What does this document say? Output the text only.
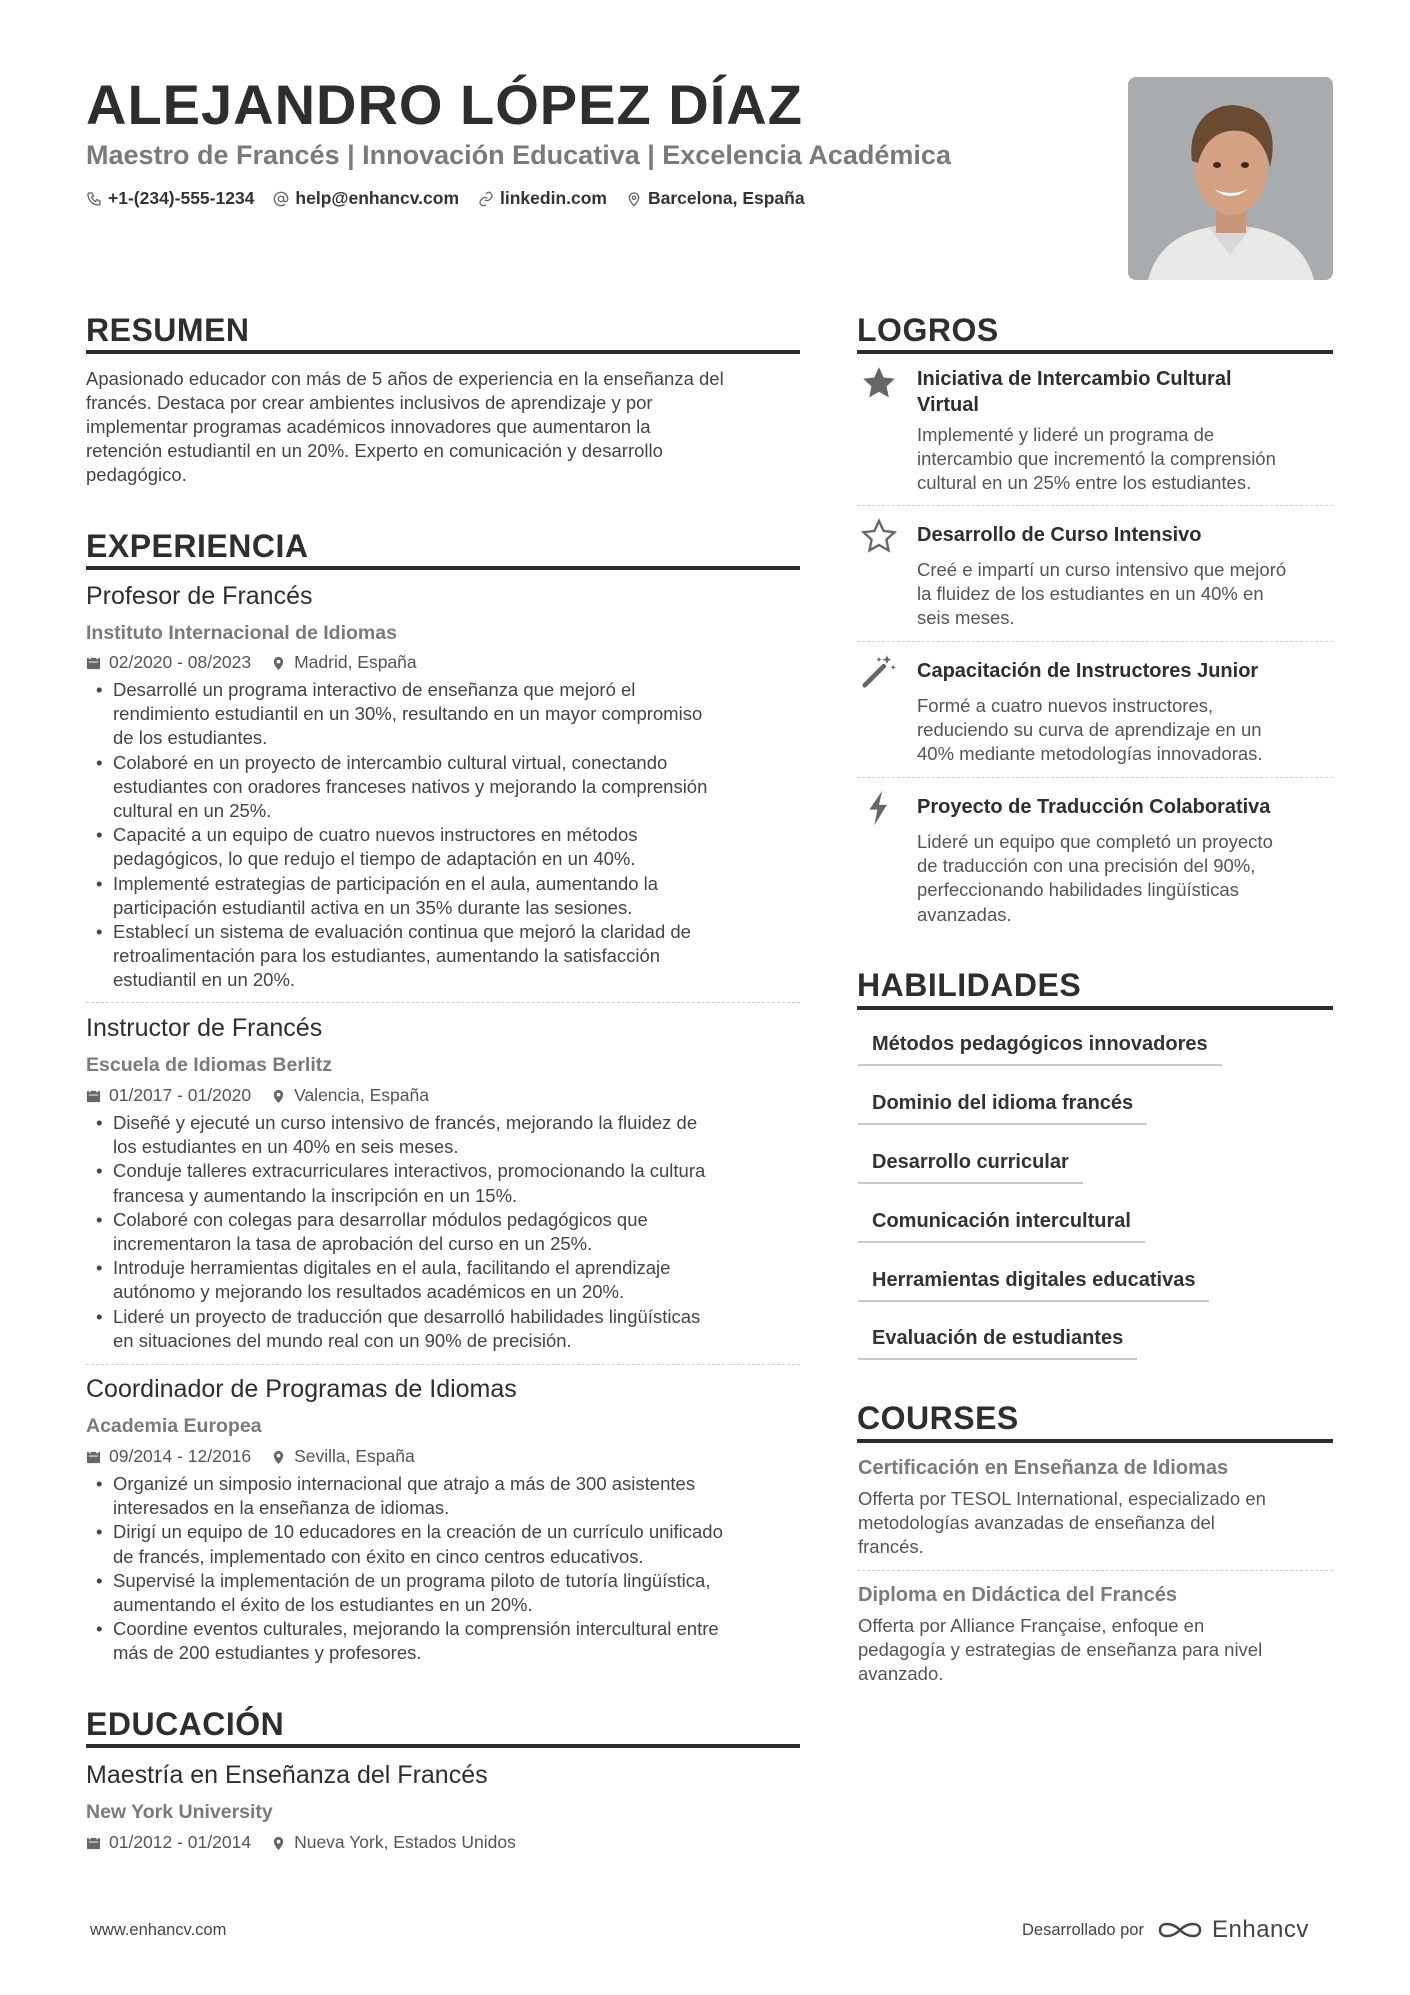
ALEJANDRO LÓPEZ DÍAZ
Maestro de Francés | Innovación Educativa | Excelencia Académica
+1-(234)-555-1234 help@enhancv.com linkedin.com Barcelona, España
RESUMEN
Apasionado educador con más de 5 años de experiencia en la enseñanza del
francés. Destaca por crear ambientes inclusivos de aprendizaje y por
implementar programas académicos innovadores que aumentaron la
retención estudiantil en un 20%. Experto en comunicación y desarrollo
pedagógico.
EXPERIENCIA
Profesor de Francés
Instituto Internacional de Idiomas
02/2020 - 08/2023 Madrid, España
• Desarrollé un programa interactivo de enseñanza que mejoró el
rendimiento estudiantil en un 30%, resultando en un mayor compromiso
de los estudiantes.
• Colaboré en un proyecto de intercambio cultural virtual, conectando
estudiantes con oradores franceses nativos y mejorando la comprensión
cultural en un 25%.
• Capacité a un equipo de cuatro nuevos instructores en métodos
pedagógicos, lo que redujo el tiempo de adaptación en un 40%.
• Implementé estrategias de participación en el aula, aumentando la
participación estudiantil activa en un 35% durante las sesiones.
• Establecí un sistema de evaluación continua que mejoró la claridad de
retroalimentación para los estudiantes, aumentando la satisfacción
estudiantil en un 20%.
Instructor de Francés
Escuela de Idiomas Berlitz
01/2017 - 01/2020 Valencia, España
• Diseñé y ejecuté un curso intensivo de francés, mejorando la fluidez de
los estudiantes en un 40% en seis meses.
• Conduje talleres extracurriculares interactivos, promocionando la cultura
francesa y aumentando la inscripción en un 15%.
• Colaboré con colegas para desarrollar módulos pedagógicos que
incrementaron la tasa de aprobación del curso en un 25%.
• Introduje herramientas digitales en el aula, facilitando el aprendizaje
autónomo y mejorando los resultados académicos en un 20%.
• Lideré un proyecto de traducción que desarrolló habilidades lingüísticas
en situaciones del mundo real con un 90% de precisión.
Coordinador de Programas de Idiomas
Academia Europea
09/2014 - 12/2016 Sevilla, España
• Organizé un simposio internacional que atrajo a más de 300 asistentes
interesados en la enseñanza de idiomas.
• Dirigí un equipo de 10 educadores en la creación de un currículo unificado
de francés, implementado con éxito en cinco centros educativos.
• Supervisé la implementación de un programa piloto de tutoría lingüística,
aumentando el éxito de los estudiantes en un 20%.
• Coordine eventos culturales, mejorando la comprensión intercultural entre
más de 200 estudiantes y profesores.
EDUCACIÓN
Maestría en Enseñanza del Francés
New York University
01/2012 - 01/2014 Nueva York, Estados Unidos
LOGROS
Iniciativa de Intercambio Cultural
Virtual
Implementé y lideré un programa de
intercambio que incrementó la comprensión
cultural en un 25% entre los estudiantes.
Desarrollo de Curso Intensivo
Creé e impartí un curso intensivo que mejoró
la fluidez de los estudiantes en un 40% en
seis meses.
Capacitación de Instructores Junior
Formé a cuatro nuevos instructores,
reduciendo su curva de aprendizaje en un
40% mediante metodologías innovadoras.
Proyecto de Traducción Colaborativa
Lideré un equipo que completó un proyecto
de traducción con una precisión del 90%,
perfeccionando habilidades lingüísticas
avanzadas.
HABILIDADES
Métodos pedagógicos innovadores
Dominio del idioma francés
Desarrollo curricular
Comunicación intercultural
Herramientas digitales educativas
Evaluación de estudiantes
COURSES
Certificación en Enseñanza de Idiomas
Offerta por TESOL International, especializado en
metodologías avanzadas de enseñanza del
francés.
Diploma en Didáctica del Francés
Offerta por Alliance Française, enfoque en
pedagogía y estrategias de enseñanza para nivel
avanzado.
www.enhancv.com	Desarrollado por	Enhancv
